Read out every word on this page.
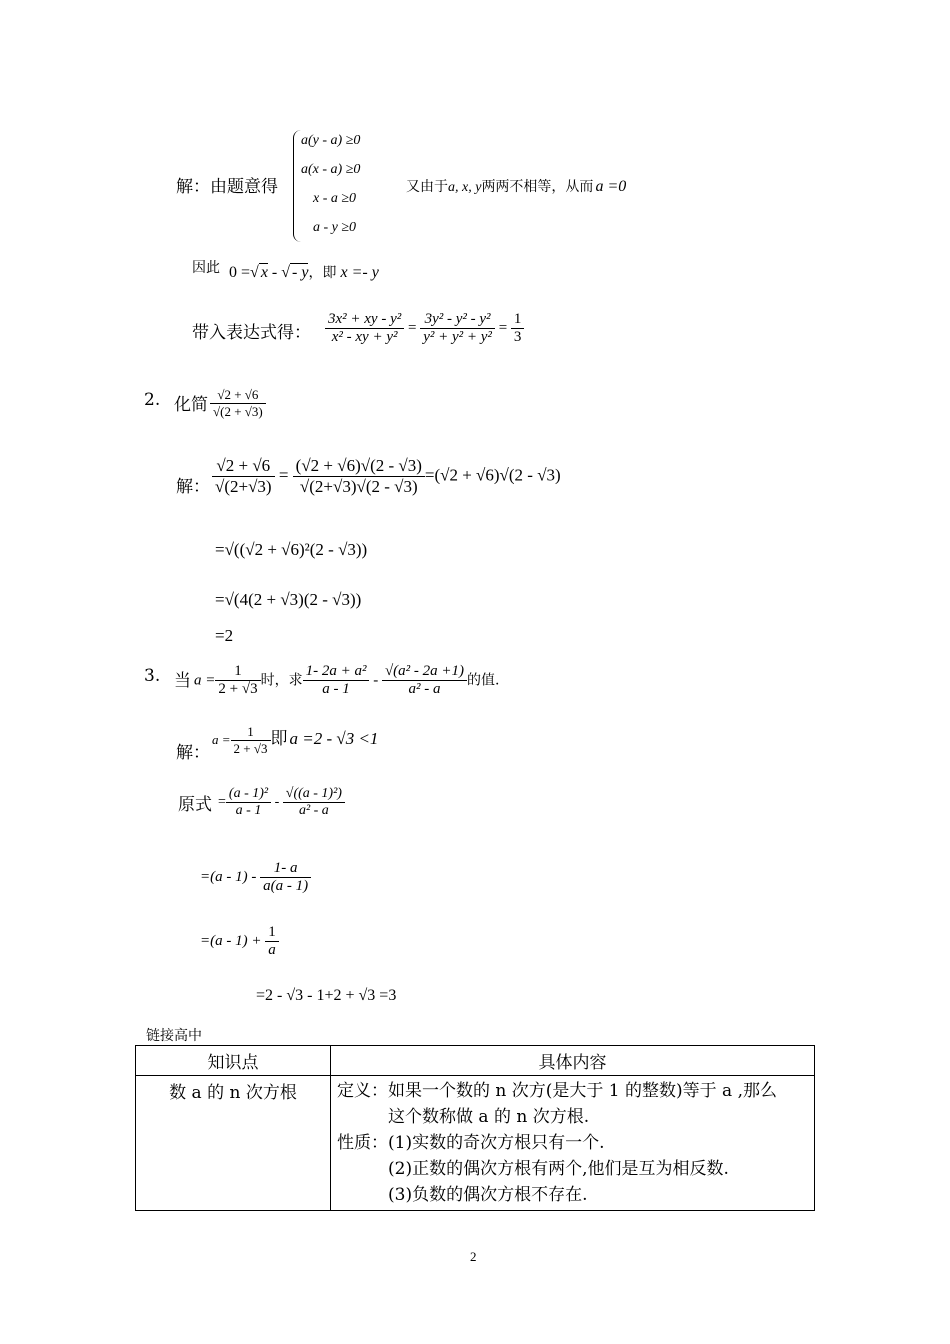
解：由题意得
a(y - a) ≥0
a(x - a) ≥0
x - a ≥0
a - y ≥0
又由于a, x, y两两不相等，从而 a =0
因此 0 =√ x - √ - y，即 x =- y
带入表达式得： $\frac{\text{3x² + xy - y²}}{\text{x² - xy + y²}} = \frac{\text{3y² - y² - y²}}{\text{y² + y² + y²}} = \frac{1}{3}$
2. 化简 $\frac{√2 + √6}{√(2 + √3)}$
解： $\frac{√2 + √6}{√(2+√3)} = \frac{(√2 + √6)√(2 - √3)}{√(2+√3)√(2 - √3)} =(√2 + √6)√(2 - √3)$
=√((√2 + √6)²(2 - √3))
=√(4(2 + √3)(2 - √3))
=2
3. 当 $a = \frac{1}{2 + √3}$ 时，求 $\frac{\text{1- 2a + a²}}{a - 1} - \frac{\text{√(a² - 2a +1)}}{\text{a² - a}}$ 的值.
解：
$a = \frac{1}{2 + √3}$ 即 a =2 - √3 <1
原式 = $\frac{\text{(a - 1)²}}{a - 1} - \frac{\text{√((a - 1)²)}}{\text{a² - a}}$
$=(a - 1) - \frac{1- a}{a(a - 1)}$
$=(a - 1) + \frac{1}{a}$
=2 - √3 - 1+2 + √3 =3
链接高中
知识点	具体内容
数 a 的 n 次方根	定义：如果一个数的 n 次方(是大于 1 的整数)等于 a ,那么
这个数称做 a 的 n 次方根.
性质：(1)实数的奇次方根只有一个.
(2)正数的偶次方根有两个,他们是互为相反数.
(3)负数的偶次方根不存在.
2
